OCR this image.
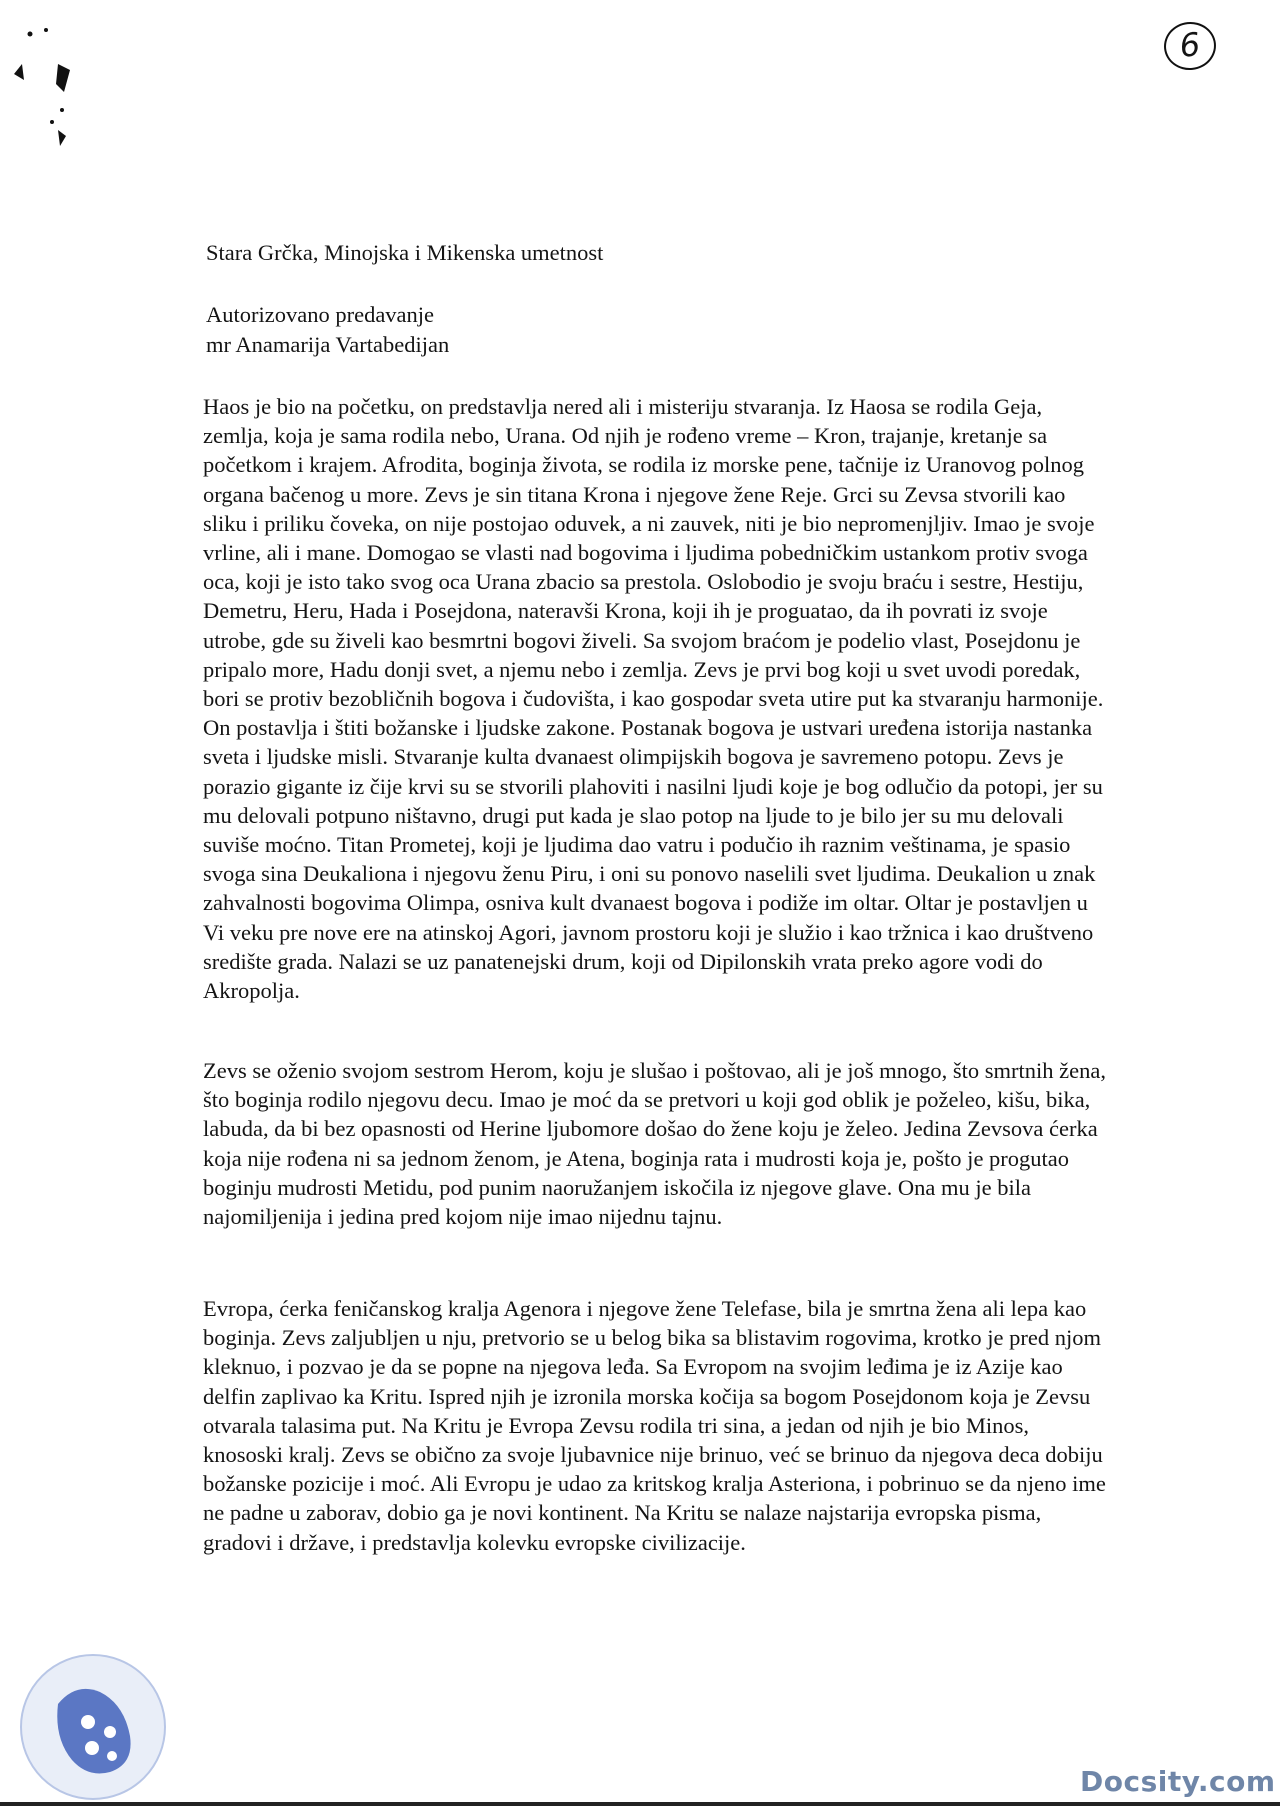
6
Stara Grčka, Minojska i Mikenska umetnost
Autorizovano predavanje
mr Anamarija Vartabedijan

Haos je bio na početku, on predstavlja nered ali i misteriju stvaranja. Iz Haosa se rodila Geja, zemlja, koja je sama rodila nebo, Urana. Od njih je rođeno vreme – Kron, trajanje, kretanje sa početkom i krajem. Afrodita, boginja života, se rodila iz morske pene, tačnije iz Uranovog polnog organa bačenog u more. Zevs je sin titana Krona i njegove žene Reje. Grci su Zevsa stvorili kao sliku i priliku čoveka, on nije postojao oduvek, a ni zauvek, niti je bio nepromenjljiv. Imao je svoje vrline, ali i mane. Domogao se vlasti nad bogovima i ljudima pobedničkim ustankom protiv svoga oca, koji je isto tako svog oca Urana zbacio sa prestola. Oslobodio je svoju braću i sestre, Hestiju, Demetru, Heru, Hada i Posejdona, nateravši Krona, koji ih je proguatao, da ih povrati iz svoje utrobe, gde su živeli kao besmrtni bogovi živeli. Sa svojom braćom je podelio vlast, Posejdonu je pripalo more, Hadu donji svet, a njemu nebo i zemlja. Zevs je prvi bog koji u svet uvodi poredak, bori se protiv bezobličnih bogova i čudovišta, i kao gospodar sveta utire put ka stvaranju harmonije. On postavlja i štiti božanske i ljudske zakone. Postanak bogova je ustvari uređena istorija nastanka sveta i ljudske misli. Stvaranje kulta dvanaest olimpijskih bogova je savremeno potopu. Zevs je porazio gigante iz čije krvi su se stvorili plahoviti i nasilni ljudi koje je bog odlučio da potopi, jer su mu delovali potpuno ništavno, drugi put kada je slao potop na ljude to je bilo jer su mu delovali suviše moćno. Titan Prometej, koji je ljudima dao vatru i podučio ih raznim veštinama, je spasio svoga sina Deukaliona i njegovu ženu Piru, i oni su ponovo naselili svet ljudima. Deukalion u znak zahvalnosti bogovima Olimpa, osniva kult dvanaest bogova i podiže im oltar. Oltar je postavljen u Vi veku pre nove ere na atinskoj Agori, javnom prostoru koji je služio i kao tržnica i kao društveno središte grada. Nalazi se uz panatenejski drum, koji od Dipilonskih vrata preko agore vodi do Akropolja.

Zevs se oženio svojom sestrom Herom, koju je slušao i poštovao, ali je još mnogo, što smrtnih žena, što boginja rodilo njegovu decu. Imao je moć da se pretvori u koji god oblik je poželeo, kišu, bika, labuda, da bi bez opasnosti od Herine ljubomore došao do žene koju je želeo. Jedina Zevsova ćerka koja nije rođena ni sa jednom ženom, je Atena, boginja rata i mudrosti koja je, pošto je progutao boginju mudrosti Metidu, pod punim naoružanjem iskočila iz njegove glave. Ona mu je bila najomiljenija i jedina pred kojom nije imao nijednu tajnu.

Evropa, ćerka feničanskog kralja Agenora i njegove žene Telefase, bila je smrtna žena ali lepa kao boginja. Zevs zaljubljen u nju, pretvorio se u belog bika sa blistavim rogovima, krotko je pred njom kleknuo, i pozvao je da se popne na njegova leđa. Sa Evropom na svojim leđima je iz Azije kao delfin zaplivao ka Kritu. Ispred njih je izronila morska kočija sa bogom Posejdonom koja je Zevsu otvarala talasima put. Na Kritu je Evropa Zevsu rodila tri sina, a jedan od njih je bio Minos, knososki kralj. Zevs se obično za svoje ljubavnice nije brinuo, već se brinuo da njegova deca dobiju božanske pozicije i moć. Ali Evropu je udao za kritskog kralja Asteriona, i pobrinuo se da njeno ime ne padne u zaborav, dobio ga je novi kontinent. Na Kritu se nalaze najstarija evropska pisma, gradovi i države, i predstavlja kolevku evropske civilizacije.

Docsity.com
